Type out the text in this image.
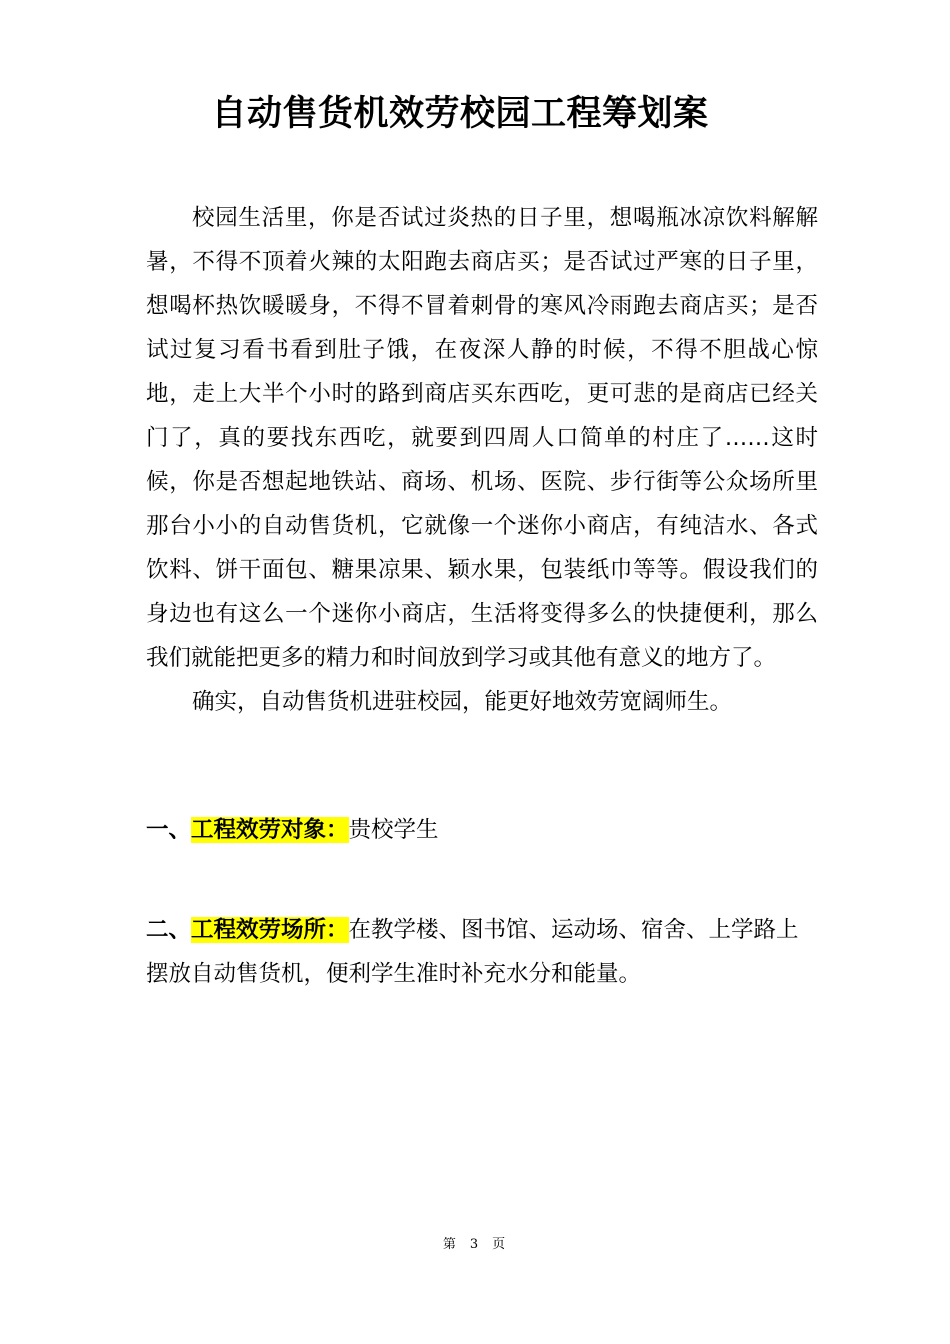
自动售货机效劳校园工程筹划案

校园生活里，你是否试过炎热的日子里，想喝瓶冰凉饮料解解暑，不得不顶着火辣的太阳跑去商店买；是否试过严寒的日子里，想喝杯热饮暖暖身，不得不冒着刺骨的寒风冷雨跑去商店买；是否试过复习看书看到肚子饿，在夜深人静的时候，不得不胆战心惊地，走上大半个小时的路到商店买东西吃，更可悲的是商店已经关门了，真的要找东西吃，就要到四周人口简单的村庄了……这时候，你是否想起地铁站、商场、机场、医院、步行街等公众场所里那台小小的自动售货机，它就像一个迷你小商店，有纯洁水、各式饮料、饼干面包、糖果凉果、颖水果，包装纸巾等等。假设我们的身边也有这么一个迷你小商店，生活将变得多么的快捷便利，那么我们就能把更多的精力和时间放到学习或其他有意义的地方了。

确实，自动售货机进驻校园，能更好地效劳宽阔师生。

一、工程效劳对象：贵校学生
二、工程效劳场所：在教学楼、图书馆、运动场、宿舍、上学路上摆放自动售货机，便利学生准时补充水分和能量。
第 3 页
